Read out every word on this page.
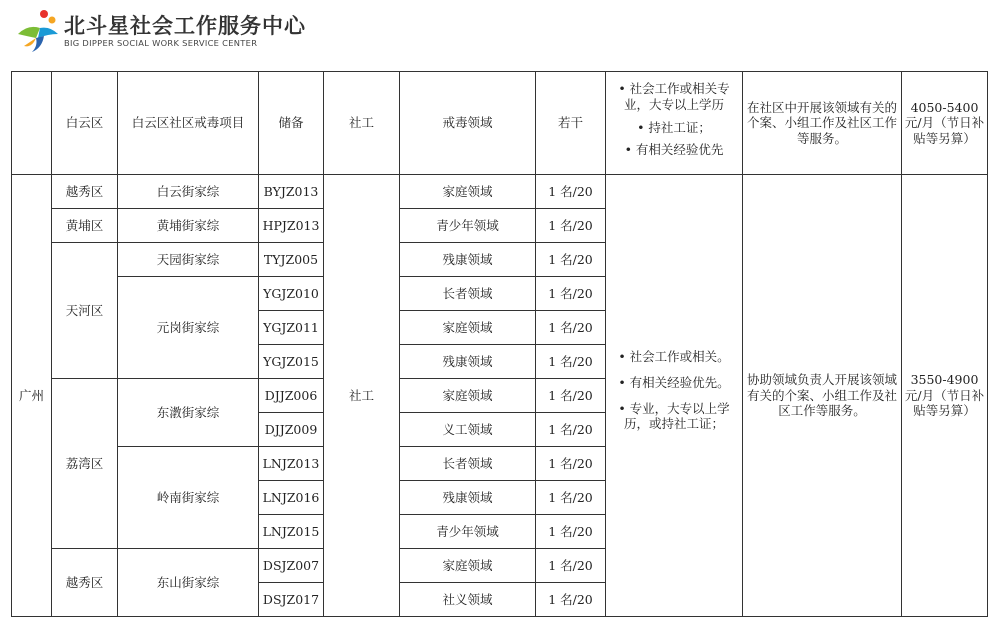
北斗星社会工作服务中心
BIG DIPPER SOCIAL WORK SERVICE CENTER
	白云区	白云区社区戒毒项目	储备	社工	戒毒领域	若干	• 社会工作或相关专业，大专以上学历

• 持社工证；

• 有相关经验优先	在社区中开展该领域有关的个案、小组工作及社区工作等服务。	4050-5400 元/月（节日补贴等另算）
广州	越秀区	白云街家综	BYJZ013	社工	家庭领域	1 名/20	• 社会工作或相关。

• 有相关经验优先。

• 专业，大专以上学历，或持社工证；	协助领域负责人开展该领域有关的个案、小组工作及社区工作等服务。	3550-4900 元/月（节日补贴等另算）
	黄埔区	黄埔街家综	HPJZ013		青少年领域	1 名/20			
	天河区	天园街家综	TYJZ005		残康领域	1 名/20			
		元岗街家综	YGJZ010		长者领域	1 名/20			
			YGJZ011		家庭领域	1 名/20			
			YGJZ015		残康领域	1 名/20			
	荔湾区	东漖街家综	DJJZ006		家庭领域	1 名/20			
			DJJZ009		义工领域	1 名/20			
		岭南街家综	LNJZ013		长者领域	1 名/20			
			LNJZ016		残康领域	1 名/20			
			LNJZ015		青少年领域	1 名/20			
	越秀区	东山街家综	DSJZ007		家庭领域	1 名/20			
			DSJZ017		社义领域	1 名/20			
